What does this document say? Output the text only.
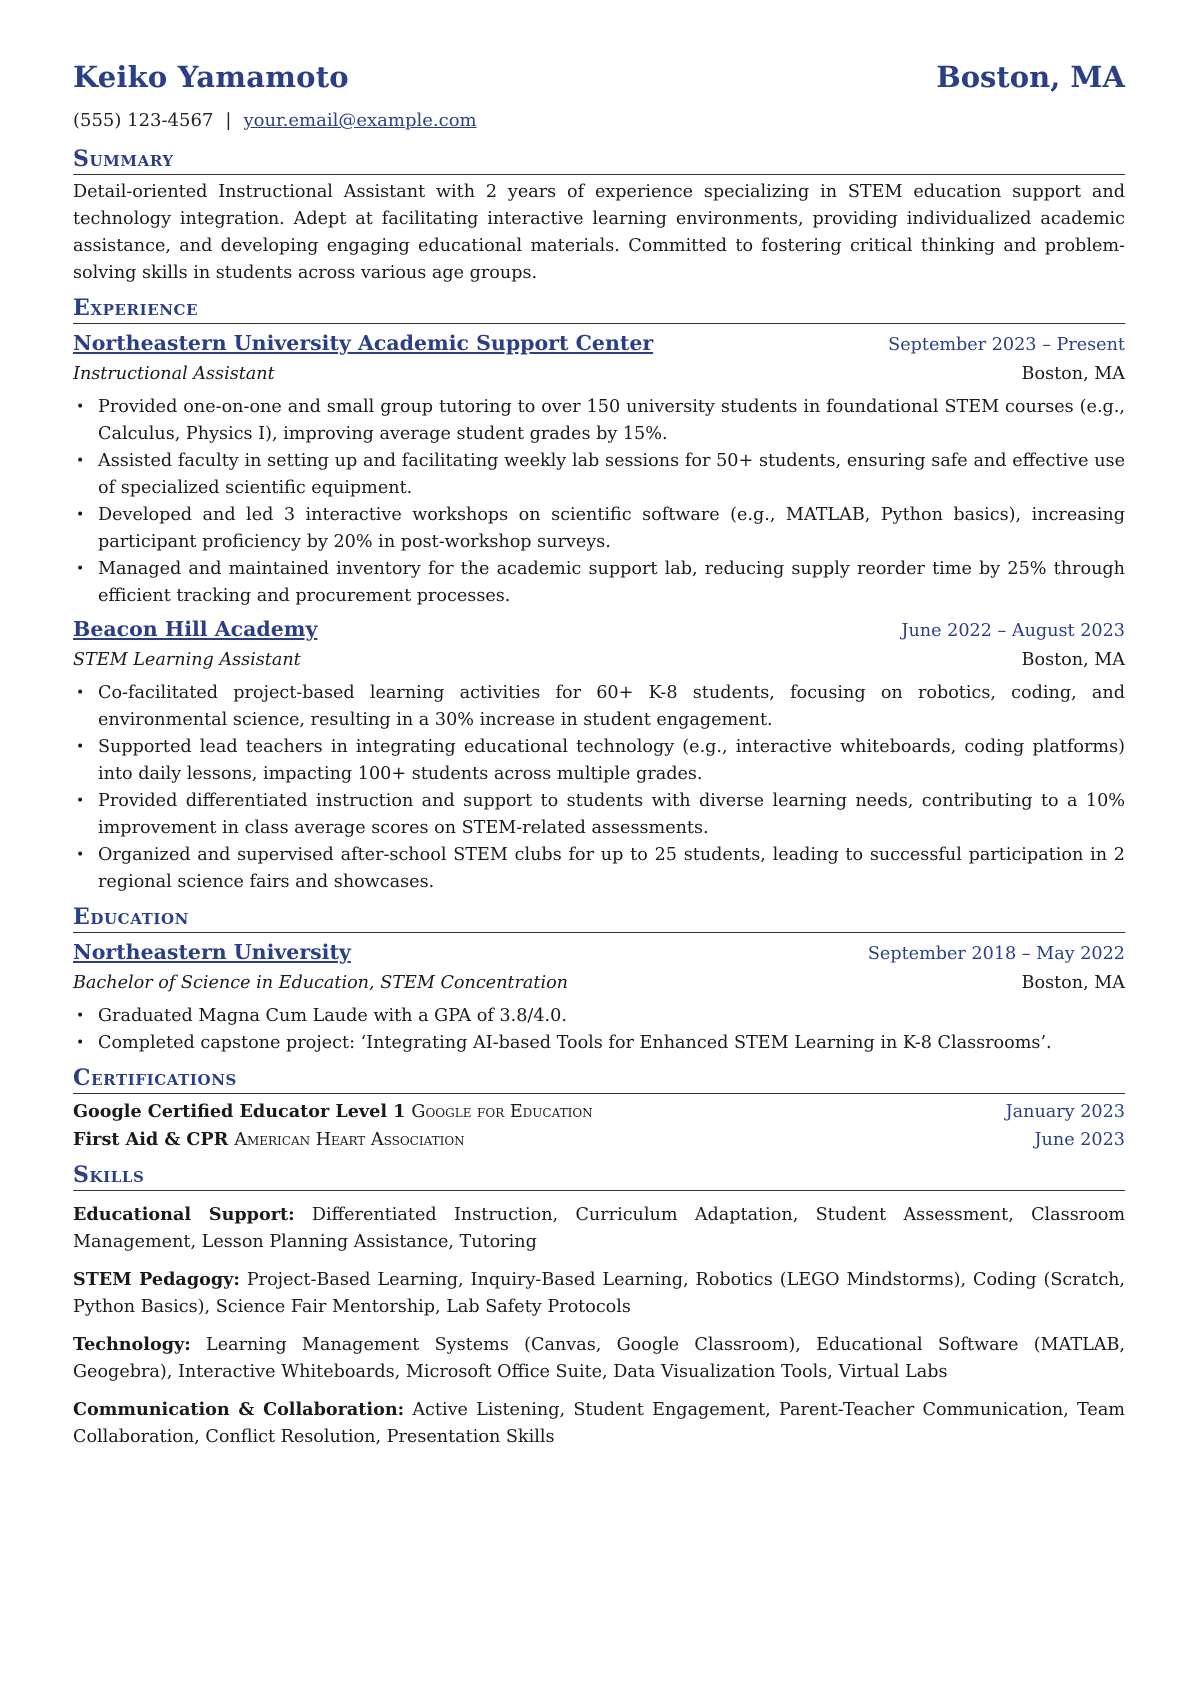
Keiko Yamamoto	Boston, MA
(555) 123-4567 | your.email@example.com
Summary

Detail-oriented Instructional Assistant with 2 years of experience specializing in STEM education support and technology integration. Adept at facilitating interactive learning environments, providing individualized academic assistance, and developing engaging educational materials. Committed to fostering critical thinking and problem-solving skills in students across various age groups.

Experience
Northeastern University Academic Support Center	September 2023 – Present
Instructional Assistant	Boston, MA
• Provided one-on-one and small group tutoring to over 150 university students in foundational STEM courses (e.g., Calculus, Physics I), improving average student grades by 15%.
• Assisted faculty in setting up and facilitating weekly lab sessions for 50+ students, ensuring safe and effective use of specialized scientific equipment.
• Developed and led 3 interactive workshops on scientific software (e.g., MATLAB, Python basics), increasing participant proficiency by 20% in post-workshop surveys.
• Managed and maintained inventory for the academic support lab, reducing supply reorder time by 25% through efficient tracking and procurement processes.
Beacon Hill Academy	June 2022 – August 2023
STEM Learning Assistant	Boston, MA
• Co-facilitated project-based learning activities for 60+ K-8 students, focusing on robotics, coding, and environmental science, resulting in a 30% increase in student engagement.
• Supported lead teachers in integrating educational technology (e.g., interactive whiteboards, coding platforms) into daily lessons, impacting 100+ students across multiple grades.
• Provided differentiated instruction and support to students with diverse learning needs, contributing to a 10% improvement in class average scores on STEM-related assessments.
• Organized and supervised after-school STEM clubs for up to 25 students, leading to successful participation in 2 regional science fairs and showcases.
Education
Northeastern University	September 2018 – May 2022
Bachelor of Science in Education, STEM Concentration	Boston, MA
• Graduated Magna Cum Laude with a GPA of 3.8/4.0.
• Completed capstone project: ‘Integrating AI-based Tools for Enhanced STEM Learning in K-8 Classrooms’.
Certifications
Google Certified Educator Level 1 Google for Education	January 2023
First Aid & CPR American Heart Association	June 2023
Skills
Educational Support: Differentiated Instruction, Curriculum Adaptation, Student Assessment, Classroom Management, Lesson Planning Assistance, Tutoring
STEM Pedagogy: Project-Based Learning, Inquiry-Based Learning, Robotics (LEGO Mindstorms), Coding (Scratch, Python Basics), Science Fair Mentorship, Lab Safety Protocols
Technology: Learning Management Systems (Canvas, Google Classroom), Educational Software (MATLAB, Geogebra), Interactive Whiteboards, Microsoft Office Suite, Data Visualization Tools, Virtual Labs
Communication & Collaboration: Active Listening, Student Engagement, Parent-Teacher Communication, Team Collaboration, Conflict Resolution, Presentation Skills
